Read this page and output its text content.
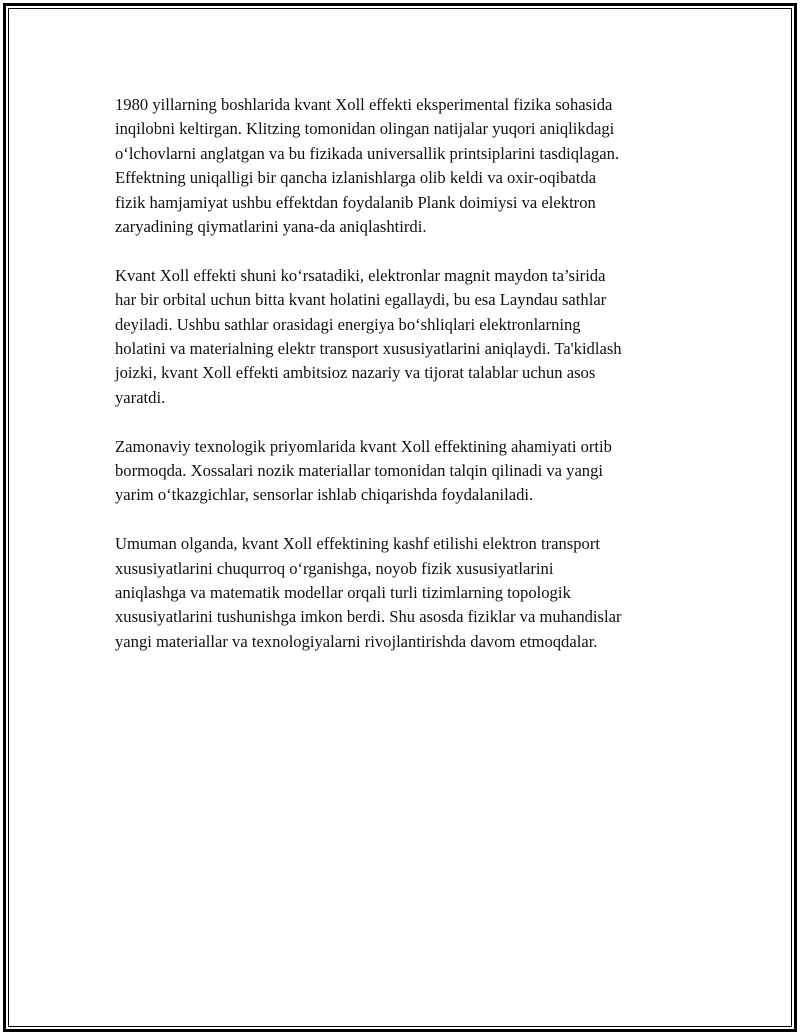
1980 yillarning boshlarida kvant Xoll effekti eksperimental fizika sohasida
inqilobni keltirgan. Klitzing tomonidan olingan natijalar yuqori aniqlikdagi
o‘lchovlarni anglatgan va bu fizikada universallik printsiplarini tasdiqlagan.
Effektning uniqalligi bir qancha izlanishlarga olib keldi va oxir-oqibatda
fizik hamjamiyat ushbu effektdan foydalanib Plank doimiysi va elektron
zaryadining qiymatlarini yana-da aniqlashtirdi.

Kvant Xoll effekti shuni ko‘rsatadiki, elektronlar magnit maydon ta’sirida
har bir orbital uchun bitta kvant holatini egallaydi, bu esa Layndau sathlar
deyiladi. Ushbu sathlar orasidagi energiya bo‘shliqlari elektronlarning
holatini va materialning elektr transport xususiyatlarini aniqlaydi. Ta'kidlash
joizki, kvant Xoll effekti ambitsioz nazariy va tijorat talablar uchun asos
yaratdi.

Zamonaviy texnologik priyomlarida kvant Xoll effektining ahamiyati ortib
bormoqda. Xossalari nozik materiallar tomonidan talqin qilinadi va yangi
yarim o‘tkazgichlar, sensorlar ishlab chiqarishda foydalaniladi.

Umuman olganda, kvant Xoll effektining kashf etilishi elektron transport
xususiyatlarini chuqurroq o‘rganishga, noyob fizik xususiyatlarini
aniqlashga va matematik modellar orqali turli tizimlarning topologik
xususiyatlarini tushunishga imkon berdi. Shu asosda fiziklar va muhandislar
yangi materiallar va texnologiyalarni rivojlantirishda davom etmoqdalar.
